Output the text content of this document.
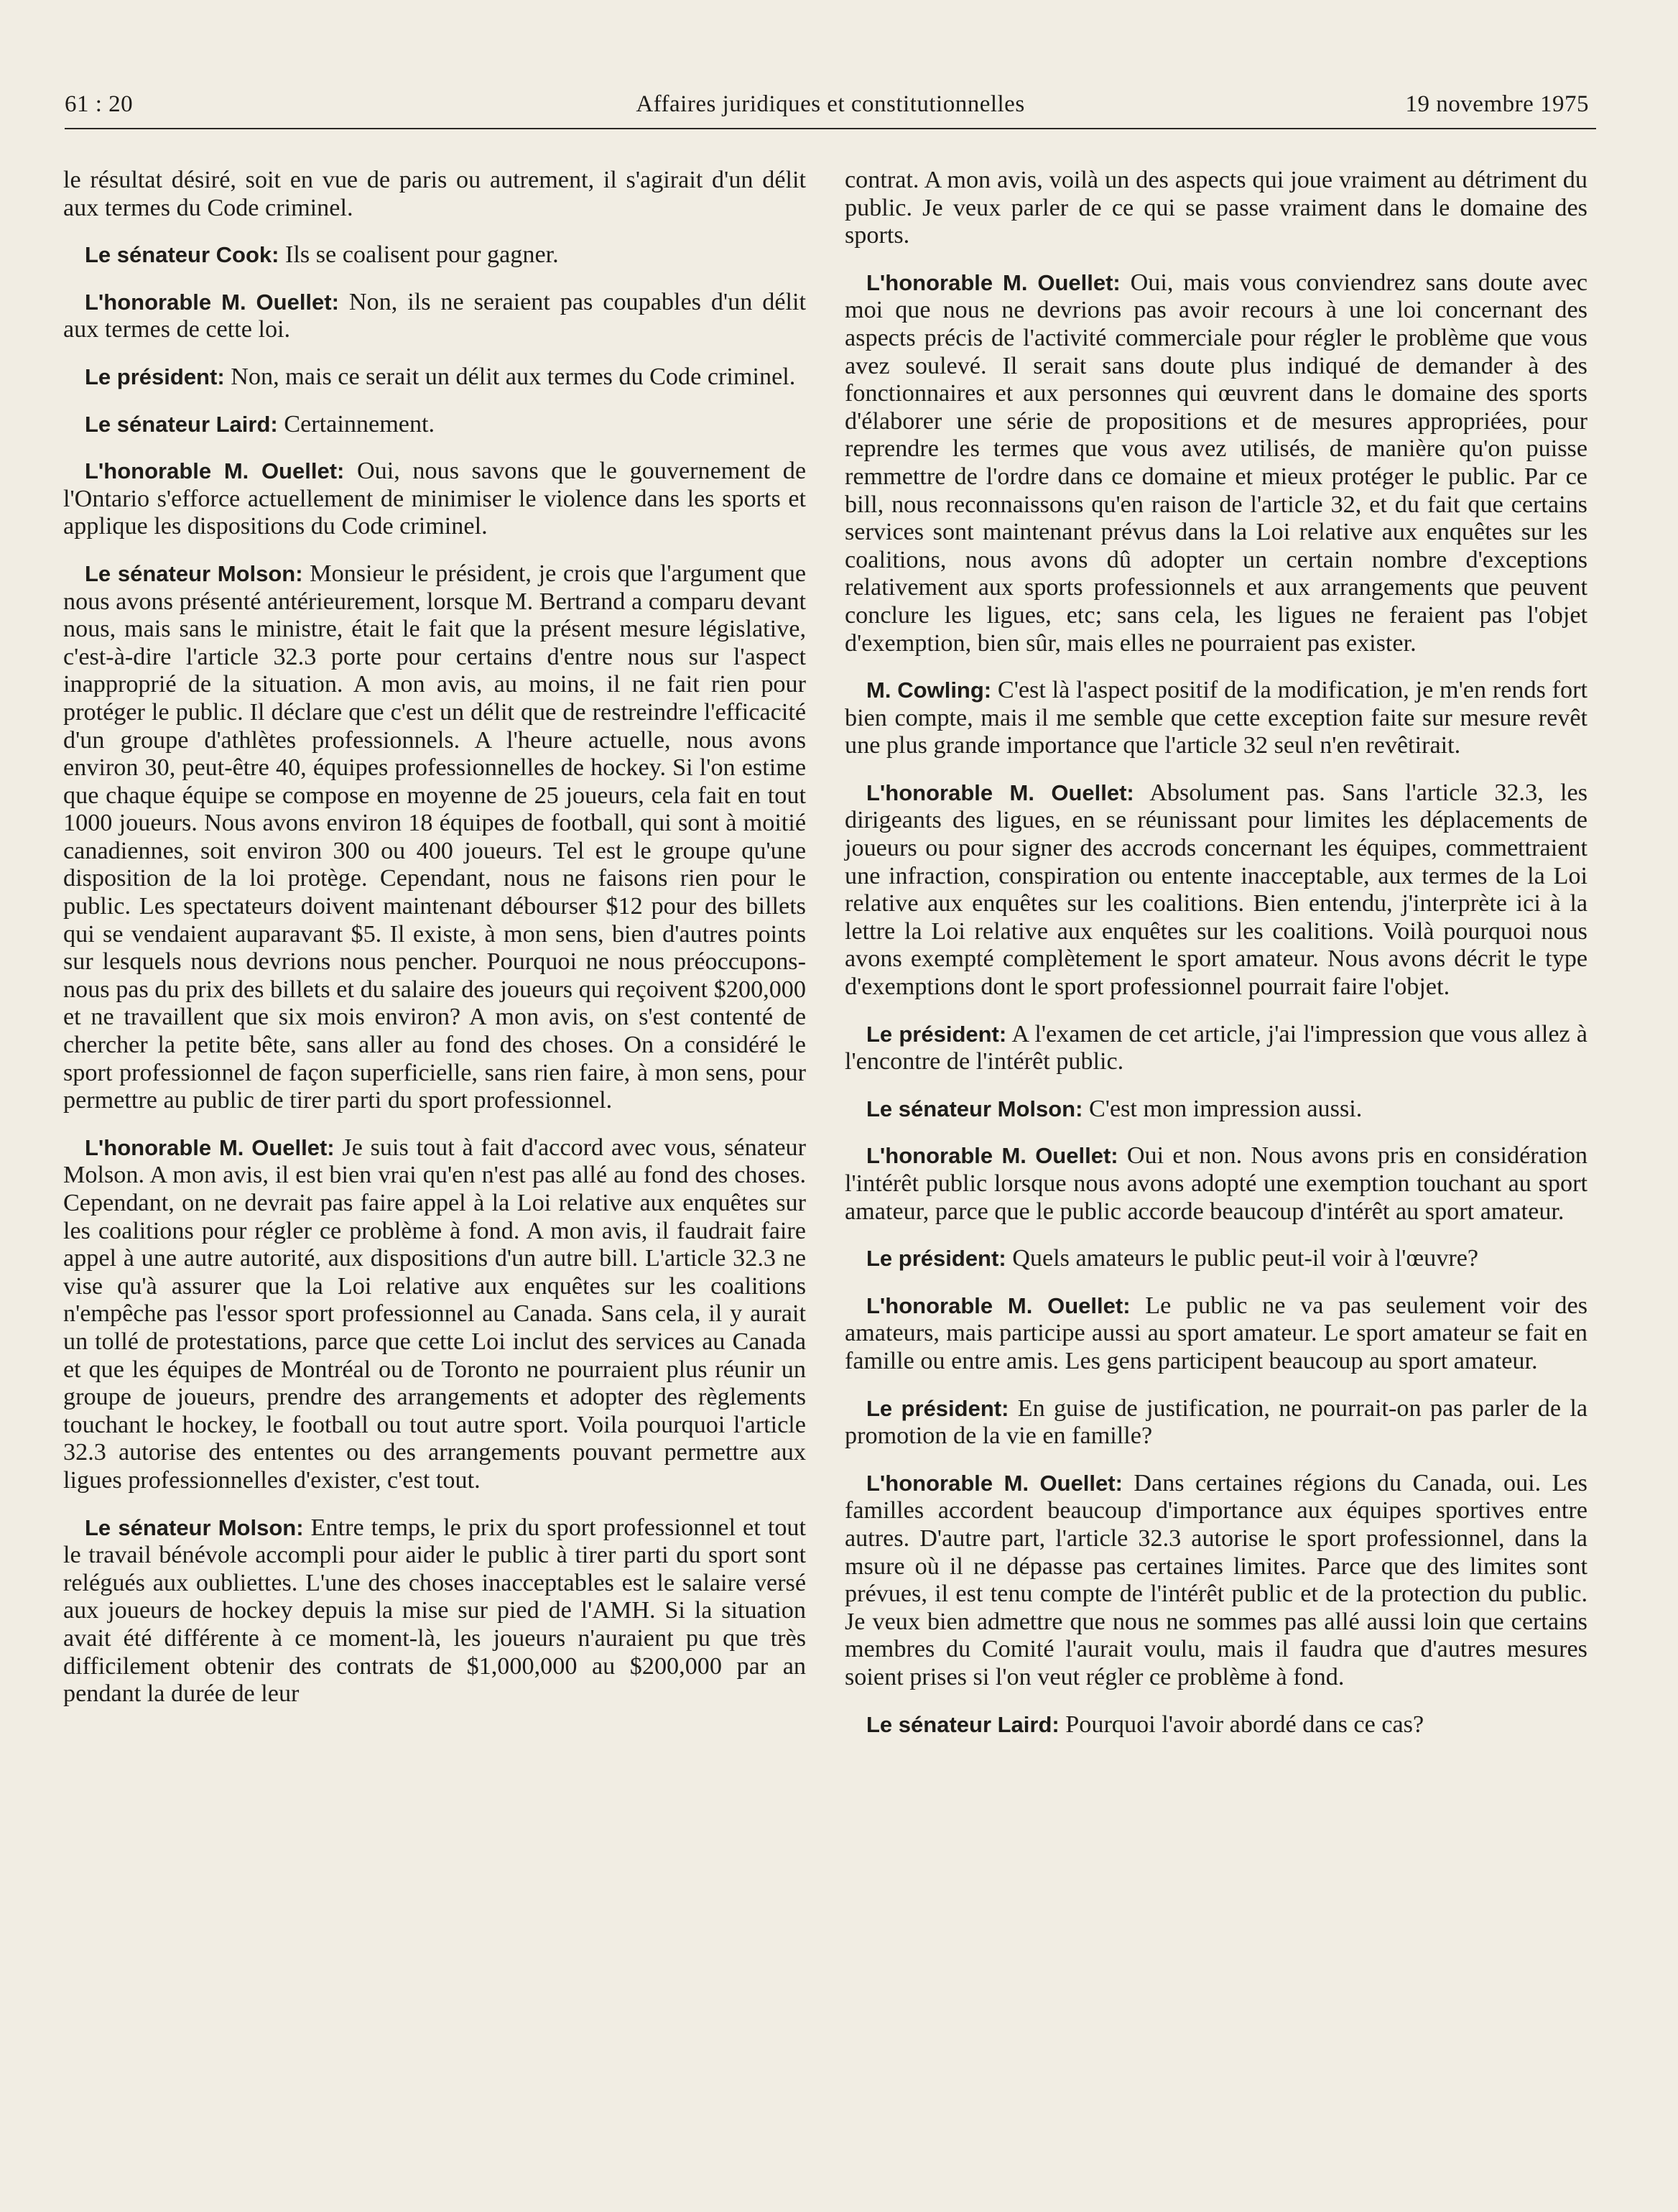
61 : 20	Affaires juridiques et constitutionnelles	19 novembre 1975

le résultat désiré, soit en vue de paris ou autrement, il s'agirait d'un délit aux termes du Code criminel.

Le sénateur Cook: Ils se coalisent pour gagner.

L'honorable M. Ouellet: Non, ils ne seraient pas coupables d'un délit aux termes de cette loi.

Le président: Non, mais ce serait un délit aux termes du Code criminel.

Le sénateur Laird: Certainnement.

L'honorable M. Ouellet: Oui, nous savons que le gouvernement de l'Ontario s'efforce actuellement de minimiser le violence dans les sports et applique les dispositions du Code criminel.

Le sénateur Molson: Monsieur le président, je crois que l'argument que nous avons présenté antérieurement, lorsque M. Bertrand a comparu devant nous, mais sans le ministre, était le fait que la présent mesure législative, c'est-à-dire l'article 32.3 porte pour certains d'entre nous sur l'aspect inapproprié de la situation. A mon avis, au moins, il ne fait rien pour protéger le public. Il déclare que c'est un délit que de restreindre l'efficacité d'un groupe d'athlètes professionnels. A l'heure actuelle, nous avons environ 30, peut-être 40, équipes professionnelles de hockey. Si l'on estime que chaque équipe se compose en moyenne de 25 joueurs, cela fait en tout 1000 joueurs. Nous avons environ 18 équipes de football, qui sont à moitié canadiennes, soit environ 300 ou 400 joueurs. Tel est le groupe qu'une disposition de la loi protège. Cependant, nous ne faisons rien pour le public. Les spectateurs doivent maintenant débourser $12 pour des billets qui se vendaient auparavant $5. Il existe, à mon sens, bien d'autres points sur lesquels nous devrions nous pencher. Pourquoi ne nous préoccupons-nous pas du prix des billets et du salaire des joueurs qui reçoivent $200,000 et ne travaillent que six mois environ? A mon avis, on s'est contenté de chercher la petite bête, sans aller au fond des choses. On a considéré le sport professionnel de façon superficielle, sans rien faire, à mon sens, pour permettre au public de tirer parti du sport professionnel.

L'honorable M. Ouellet: Je suis tout à fait d'accord avec vous, sénateur Molson. A mon avis, il est bien vrai qu'en n'est pas allé au fond des choses. Cependant, on ne devrait pas faire appel à la Loi relative aux enquêtes sur les coalitions pour régler ce problème à fond. A mon avis, il faudrait faire appel à une autre autorité, aux dispositions d'un autre bill. L'article 32.3 ne vise qu'à assurer que la Loi relative aux enquêtes sur les coalitions n'empêche pas l'essor sport professionnel au Canada. Sans cela, il y aurait un tollé de protestations, parce que cette Loi inclut des services au Canada et que les équipes de Montréal ou de Toronto ne pourraient plus réunir un groupe de joueurs, prendre des arrangements et adopter des règlements touchant le hockey, le football ou tout autre sport. Voila pourquoi l'article 32.3 autorise des ententes ou des arrangements pouvant permettre aux ligues professionnelles d'exister, c'est tout.

Le sénateur Molson: Entre temps, le prix du sport professionnel et tout le travail bénévole accompli pour aider le public à tirer parti du sport sont relégués aux oubliettes. L'une des choses inacceptables est le salaire versé aux joueurs de hockey depuis la mise sur pied de l'AMH. Si la situation avait été différente à ce moment-là, les joueurs n'auraient pu que très difficilement obtenir des contrats de $1,000,000 au $200,000 par an pendant la durée de leur

contrat. A mon avis, voilà un des aspects qui joue vraiment au détriment du public. Je veux parler de ce qui se passe vraiment dans le domaine des sports.

L'honorable M. Ouellet: Oui, mais vous conviendrez sans doute avec moi que nous ne devrions pas avoir recours à une loi concernant des aspects précis de l'activité commerciale pour régler le problème que vous avez soulevé. Il serait sans doute plus indiqué de demander à des fonctionnaires et aux personnes qui œuvrent dans le domaine des sports d'élaborer une série de propositions et de mesures appropriées, pour reprendre les termes que vous avez utilisés, de manière qu'on puisse remmettre de l'ordre dans ce domaine et mieux protéger le public. Par ce bill, nous reconnaissons qu'en raison de l'article 32, et du fait que certains services sont maintenant prévus dans la Loi relative aux enquêtes sur les coalitions, nous avons dû adopter un certain nombre d'exceptions relativement aux sports professionnels et aux arrangements que peuvent conclure les ligues, etc; sans cela, les ligues ne feraient pas l'objet d'exemption, bien sûr, mais elles ne pourraient pas exister.

M. Cowling: C'est là l'aspect positif de la modification, je m'en rends fort bien compte, mais il me semble que cette exception faite sur mesure revêt une plus grande importance que l'article 32 seul n'en revêtirait.

L'honorable M. Ouellet: Absolument pas. Sans l'article 32.3, les dirigeants des ligues, en se réunissant pour limites les déplacements de joueurs ou pour signer des accrods concernant les équipes, commettraient une infraction, conspiration ou entente inacceptable, aux termes de la Loi relative aux enquêtes sur les coalitions. Bien entendu, j'interprète ici à la lettre la Loi relative aux enquêtes sur les coalitions. Voilà pourquoi nous avons exempté complètement le sport amateur. Nous avons décrit le type d'exemptions dont le sport professionnel pourrait faire l'objet.

Le président: A l'examen de cet article, j'ai l'impression que vous allez à l'encontre de l'intérêt public.

Le sénateur Molson: C'est mon impression aussi.

L'honorable M. Ouellet: Oui et non. Nous avons pris en considération l'intérêt public lorsque nous avons adopté une exemption touchant au sport amateur, parce que le public accorde beaucoup d'intérêt au sport amateur.

Le président: Quels amateurs le public peut-il voir à l'œuvre?

L'honorable M. Ouellet: Le public ne va pas seulement voir des amateurs, mais participe aussi au sport amateur. Le sport amateur se fait en famille ou entre amis. Les gens participent beaucoup au sport amateur.

Le président: En guise de justification, ne pourrait-on pas parler de la promotion de la vie en famille?

L'honorable M. Ouellet: Dans certaines régions du Canada, oui. Les familles accordent beaucoup d'importance aux équipes sportives entre autres. D'autre part, l'article 32.3 autorise le sport professionnel, dans la msure où il ne dépasse pas certaines limites. Parce que des limites sont prévues, il est tenu compte de l'intérêt public et de la protection du public. Je veux bien admettre que nous ne sommes pas allé aussi loin que certains membres du Comité l'aurait voulu, mais il faudra que d'autres mesures soient prises si l'on veut régler ce problème à fond.

Le sénateur Laird: Pourquoi l'avoir abordé dans ce cas?
